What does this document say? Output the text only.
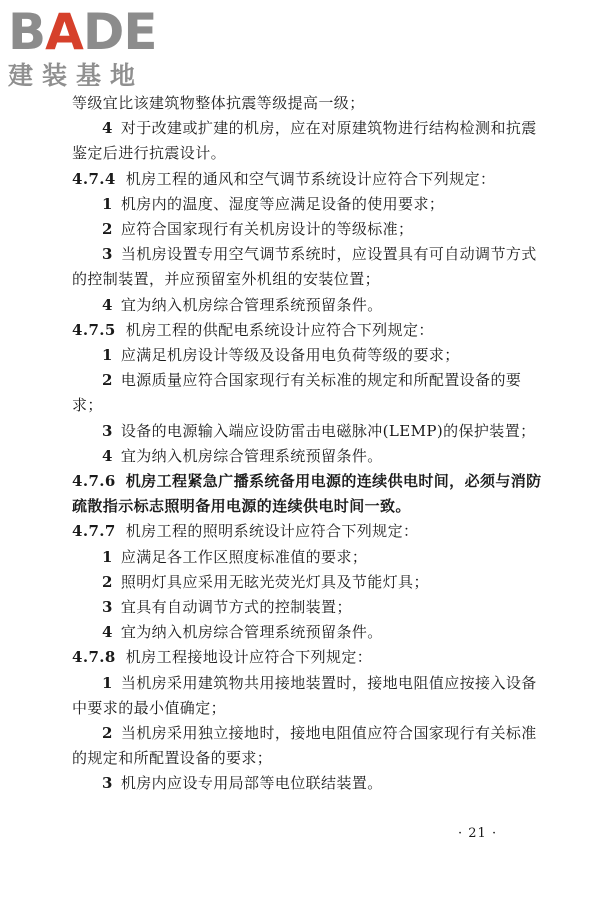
BADE
建装基地

等级宜比该建筑物整体抗震等级提高一级；

4 对于改建或扩建的机房，应在对原建筑物进行结构检测和抗震鉴定后进行抗震设计。

4.7.4 机房工程的通风和空气调节系统设计应符合下列规定：

1 机房内的温度、湿度等应满足设备的使用要求；

2 应符合国家现行有关机房设计的等级标准；

3 当机房设置专用空气调节系统时，应设置具有可自动调节方式的控制装置，并应预留室外机组的安装位置；

4 宜为纳入机房综合管理系统预留条件。

4.7.5 机房工程的供配电系统设计应符合下列规定：

1 应满足机房设计等级及设备用电负荷等级的要求；

2 电源质量应符合国家现行有关标准的规定和所配置设备的要求；

3 设备的电源输入端应设防雷击电磁脉冲(LEMP)的保护装置；

4 宜为纳入机房综合管理系统预留条件。

4.7.6 机房工程紧急广播系统备用电源的连续供电时间，必须与消防疏散指示标志照明备用电源的连续供电时间一致。

4.7.7 机房工程的照明系统设计应符合下列规定：

1 应满足各工作区照度标准值的要求；

2 照明灯具应采用无眩光荧光灯具及节能灯具；

3 宜具有自动调节方式的控制装置；

4 宜为纳入机房综合管理系统预留条件。

4.7.8 机房工程接地设计应符合下列规定：

1 当机房采用建筑物共用接地装置时，接地电阻值应按接入设备中要求的最小值确定；

2 当机房采用独立接地时，接地电阻值应符合国家现行有关标准的规定和所配置设备的要求；

3 机房内应设专用局部等电位联结装置。

· 21 ·
